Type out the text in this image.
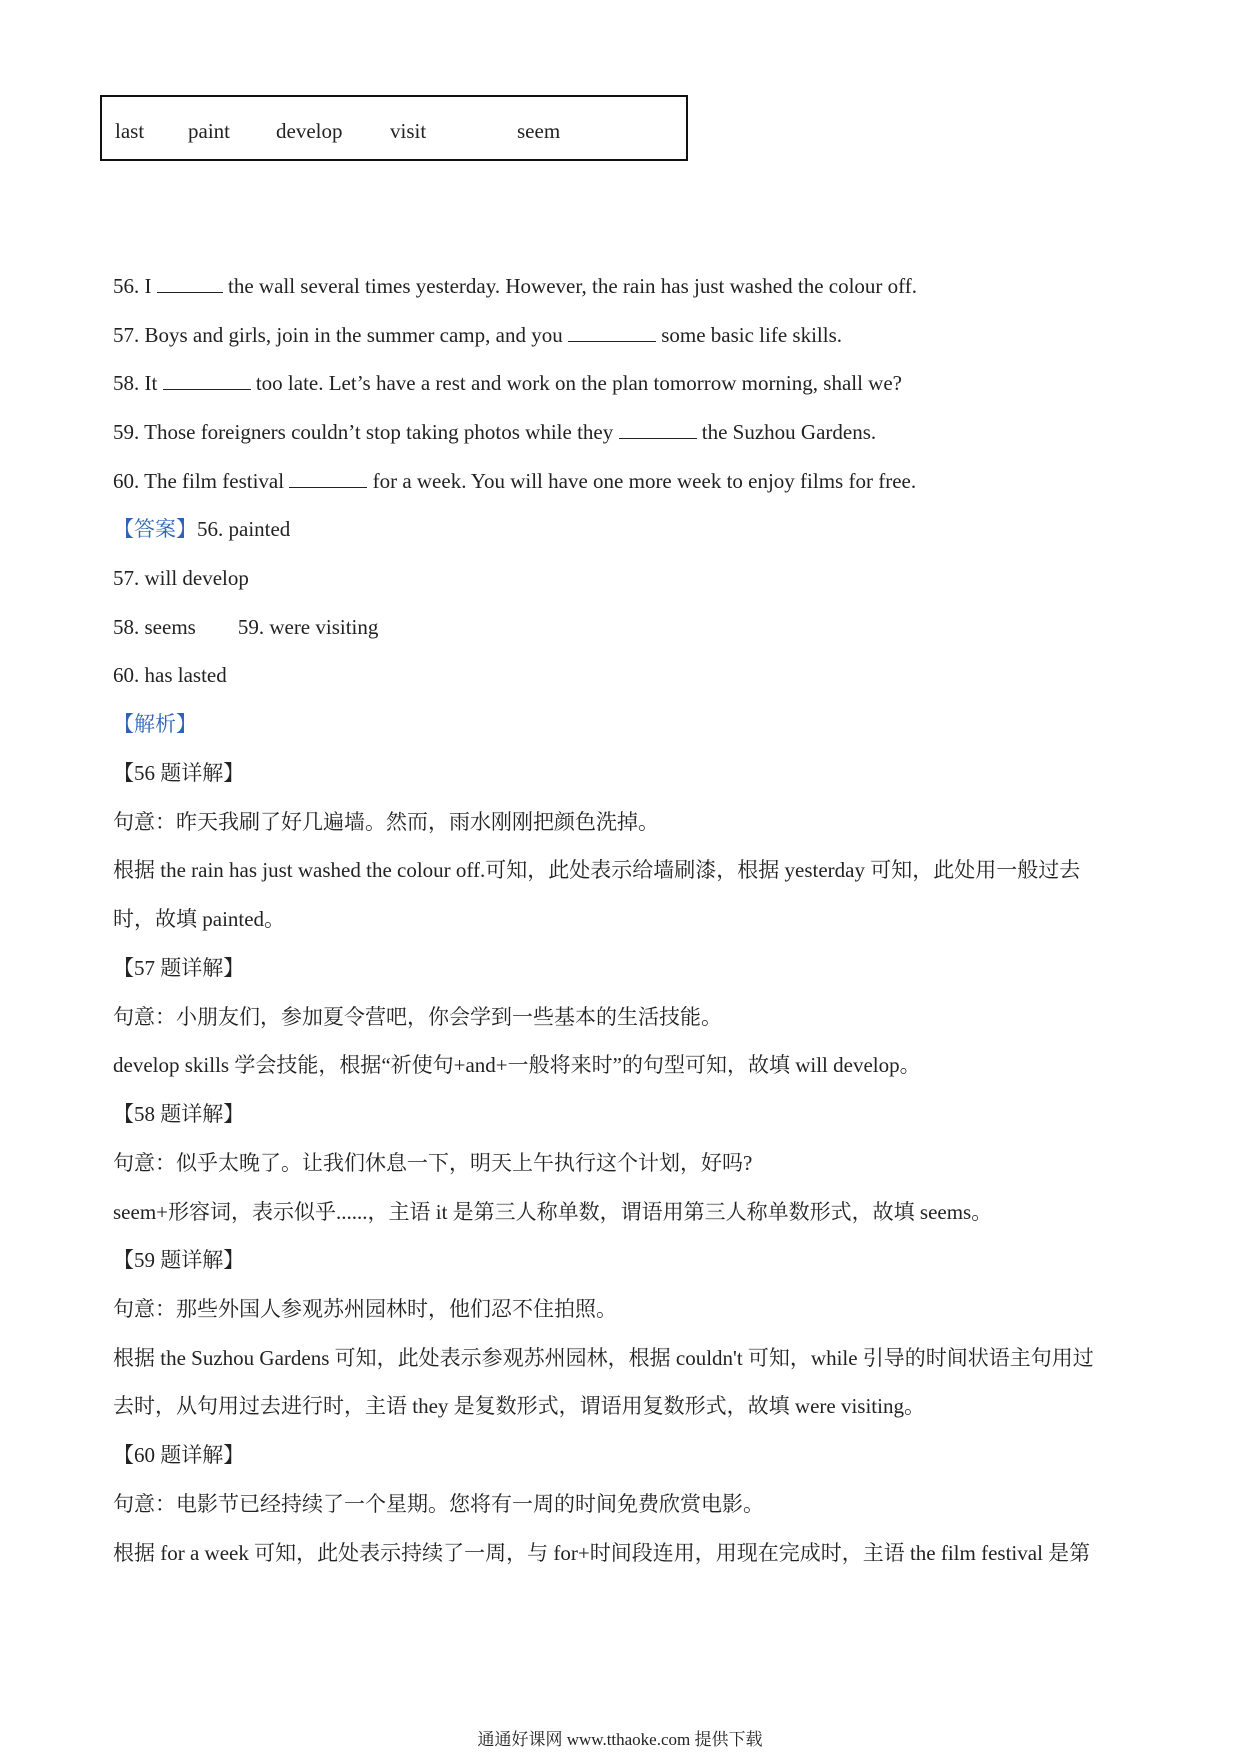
last paint develop visit	seem
56. I	the wall several times yesterday. However, the rain has just washed the colour off.
57. Boys and girls, join in the summer camp, and you	some basic life skills.
58. It	too late. Let’s have a rest and work on the plan tomorrow morning, shall we?
59. Those foreigners couldn’t stop taking photos while they	the Suzhou Gardens.
60. The film festival	for a week. You will have one more week to enjoy films for free.
【答案】56. painted
57. will develop
58. seems 59. were visiting
60. has lasted
【解析】
【56 题详解】
句意：昨天我刷了好几遍墙。然而，雨水刚刚把颜色洗掉。
根据 the rain has just washed the colour off.可知，此处表示给墙刷漆，根据 yesterday 可知，此处用一般过去
时，故填 painted。
【57 题详解】
句意：小朋友们，参加夏令营吧，你会学到一些基本的生活技能。
develop skills 学会技能，根据“祈使句+and+一般将来时”的句型可知，故填 will develop。
【58 题详解】
句意：似乎太晚了。让我们休息一下，明天上午执行这个计划，好吗?
seem+形容词，表示似乎......，主语 it 是第三人称单数，谓语用第三人称单数形式，故填 seems。
【59 题详解】
句意：那些外国人参观苏州园林时，他们忍不住拍照。
根据 the Suzhou Gardens 可知，此处表示参观苏州园林，根据 couldn't 可知，while 引导的时间状语主句用过
去时，从句用过去进行时，主语 they 是复数形式，谓语用复数形式，故填 were visiting。
【60 题详解】
句意：电影节已经持续了一个星期。您将有一周的时间免费欣赏电影。
根据 for a week 可知，此处表示持续了一周，与 for+时间段连用，用现在完成时，主语 the film festival 是第
通通好课网 www.tthaoke.com 提供下载
